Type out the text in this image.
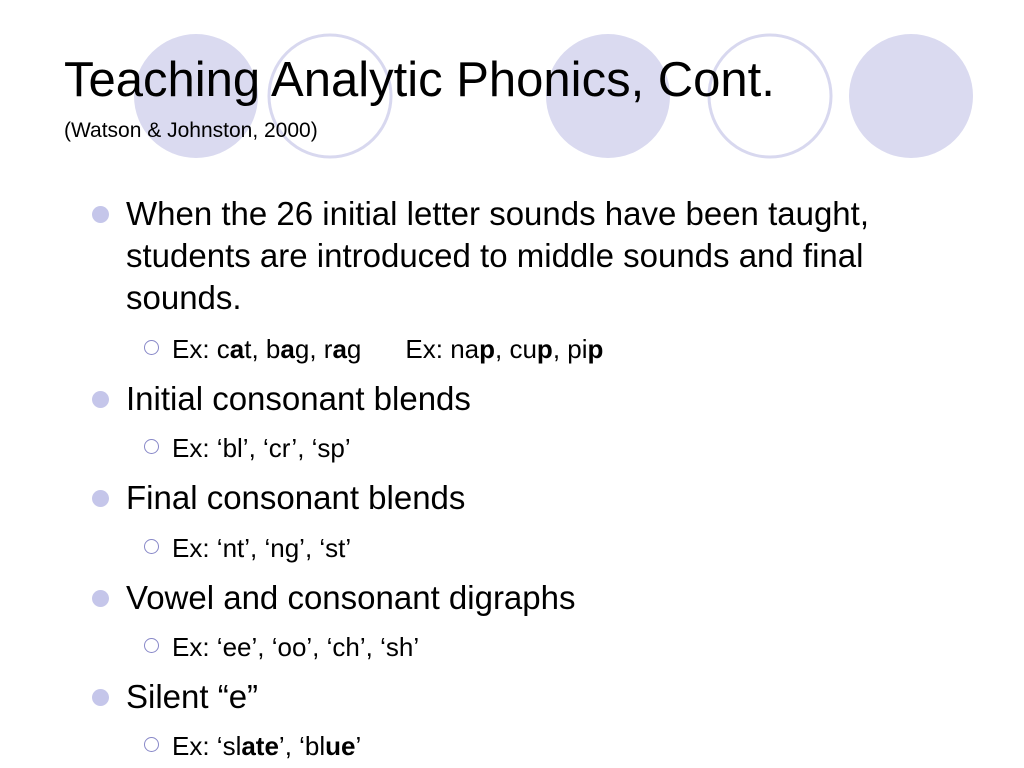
Teaching Analytic Phonics, Cont.
(Watson & Johnston, 2000)
When the 26 initial letter sounds have been taught, students are introduced to middle sounds and final sounds.
Ex: cat, bag, rag Ex: nap, cup, pip
Initial consonant blends
Ex: ‘bl’, ‘cr’, ‘sp’
Final consonant blends
Ex: ‘nt’, ‘ng’, ‘st’
Vowel and consonant digraphs
Ex: ‘ee’, ‘oo’, ‘ch’, ‘sh’
Silent “e”
Ex: ‘slate’, ‘blue’
